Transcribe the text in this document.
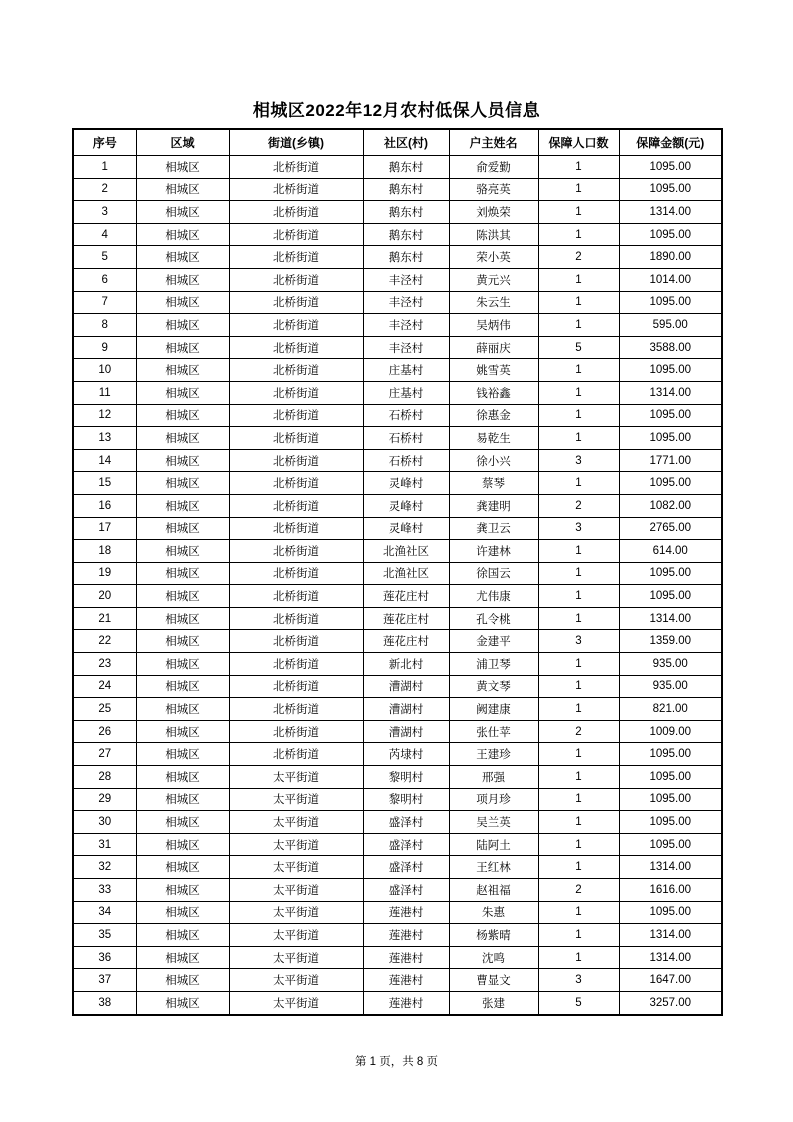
相城区2022年12月农村低保人员信息
序号	区域	街道(乡镇)	社区(村)	户主姓名	保障人口数	保障金额(元)
1	相城区	北桥街道	鹅东村	俞爱勤	1	1095.00
2	相城区	北桥街道	鹅东村	骆亮英	1	1095.00
3	相城区	北桥街道	鹅东村	刘焕荣	1	1314.00
4	相城区	北桥街道	鹅东村	陈洪其	1	1095.00
5	相城区	北桥街道	鹅东村	荣小英	2	1890.00
6	相城区	北桥街道	丰泾村	黄元兴	1	1014.00
7	相城区	北桥街道	丰泾村	朱云生	1	1095.00
8	相城区	北桥街道	丰泾村	吴炳伟	1	595.00
9	相城区	北桥街道	丰泾村	薛丽庆	5	3588.00
10	相城区	北桥街道	庄基村	姚雪英	1	1095.00
11	相城区	北桥街道	庄基村	钱裕鑫	1	1314.00
12	相城区	北桥街道	石桥村	徐惠金	1	1095.00
13	相城区	北桥街道	石桥村	易乾生	1	1095.00
14	相城区	北桥街道	石桥村	徐小兴	3	1771.00
15	相城区	北桥街道	灵峰村	蔡琴	1	1095.00
16	相城区	北桥街道	灵峰村	龚建明	2	1082.00
17	相城区	北桥街道	灵峰村	龚卫云	3	2765.00
18	相城区	北桥街道	北渔社区	许建林	1	614.00
19	相城区	北桥街道	北渔社区	徐国云	1	1095.00
20	相城区	北桥街道	莲花庄村	尤伟康	1	1095.00
21	相城区	北桥街道	莲花庄村	孔令桃	1	1314.00
22	相城区	北桥街道	莲花庄村	金建平	3	1359.00
23	相城区	北桥街道	新北村	浦卫琴	1	935.00
24	相城区	北桥街道	漕湖村	黄文琴	1	935.00
25	相城区	北桥街道	漕湖村	阙建康	1	821.00
26	相城区	北桥街道	漕湖村	张仕苹	2	1009.00
27	相城区	北桥街道	芮埭村	王建珍	1	1095.00
28	相城区	太平街道	黎明村	邢强	1	1095.00
29	相城区	太平街道	黎明村	项月珍	1	1095.00
30	相城区	太平街道	盛泽村	吴兰英	1	1095.00
31	相城区	太平街道	盛泽村	陆阿土	1	1095.00
32	相城区	太平街道	盛泽村	王红林	1	1314.00
33	相城区	太平街道	盛泽村	赵祖福	2	1616.00
34	相城区	太平街道	莲港村	朱惠	1	1095.00
35	相城区	太平街道	莲港村	杨紫晴	1	1314.00
36	相城区	太平街道	莲港村	沈鸣	1	1314.00
37	相城区	太平街道	莲港村	曹显文	3	1647.00
38	相城区	太平街道	莲港村	张建	5	3257.00
第 1 页，共 8 页
